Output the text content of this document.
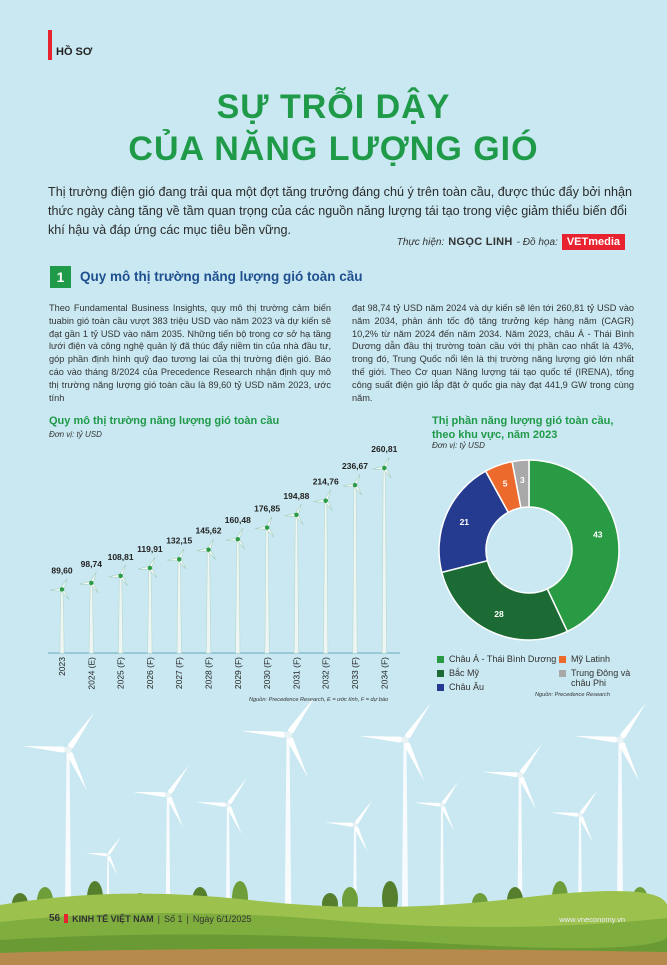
HỒ SƠ
SỰ TRỖI DẬY
CỦA NĂNG LƯỢNG GIÓ
Thị trường điện gió đang trải qua một đợt tăng trưởng đáng chú ý trên toàn cầu, được thúc đẩy bởi nhận thức ngày càng tăng về tầm quan trọng của các nguồn năng lượng tái tạo trong việc giảm thiểu biến đổi khí hậu và đáp ứng các mục tiêu bền vững.
Thực hiện: NGỌC LINH - Đồ họa: VETmedia
1	Quy mô thị trường năng lượng gió toàn cầu
Theo Fundamental Business Insights, quy mô thị trường cảm biến tuabin gió toàn cầu vượt 383 triệu USD vào năm 2023 và dự kiến sẽ đạt gần 1 tỷ USD vào năm 2035. Những tiến bộ trong cơ sở hạ tầng lưới điện và công nghệ quản lý đã thúc đẩy niềm tin của nhà đầu tư, góp phần định hình quỹ đạo tương lai của thị trường điện gió. Báo cáo vào tháng 8/2024 của Precedence Research nhận định quy mô thị trường năng lượng gió toàn cầu là 89,60 tỷ USD năm 2023, ước tính
đạt 98,74 tỷ USD năm 2024 và dự kiến sẽ lên tới 260,81 tỷ USD vào năm 2034, phản ánh tốc độ tăng trưởng kép hàng năm (CAGR) 10,2% từ năm 2024 đến năm 2034. Năm 2023, châu Á - Thái Bình Dương dẫn đầu thị trường toàn cầu với thị phần cao nhất là 43%, trong đó, Trung Quốc nổi lên là thị trường năng lượng gió lớn nhất thế giới. Theo Cơ quan Năng lượng tái tạo quốc tế (IRENA), tổng công suất điện gió lắp đặt ở quốc gia này đạt 441,9 GW trong cùng năm.
Quy mô thị trường năng lượng gió toàn cầu
Đơn vị: tỷ USD
89,60
2023
98,74
2024 (E)
108,81
2025 (F)
119,91
2026 (F)
132,15
2027 (F)
145,62
2028 (F)
160,48
2029 (F)
176,85
2030 (F)
194,88
2031 (F)
214,76
2032 (F)
236,67
2033 (F)
260,81
2034 (F)
Nguồn: Precedence Research, E = ước tính, F = dự báo
Thị phần năng lượng gió toàn cầu, theo khu vực, năm 2023
Đơn vị: tỷ USD
43
28
21
5 3
Châu Á - Thái Bình Dương
Bắc Mỹ
Châu Âu
Mỹ Latinh
Trung Đông và châu Phi
Nguồn: Precedence Research
56 KINH TẾ VIỆT NAM | Số 1 | Ngày 6/1/2025	www.vneconomy.vn
